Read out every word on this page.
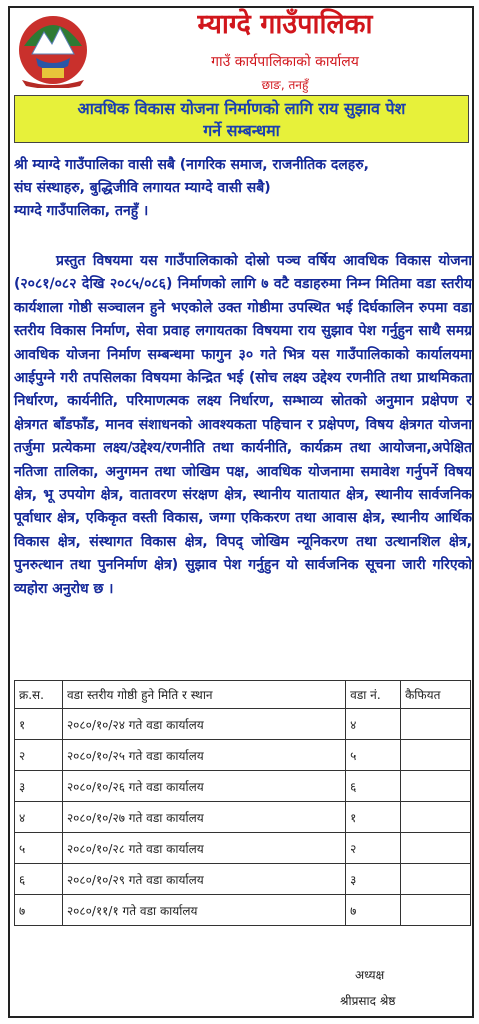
म्याग्दे गाउँपालिका
गाउँ कार्यपालिकाको कार्यालय
छाङ, तनहुँ
आवधिक विकास योजना निर्माणको लागि राय सुझाव पेश
गर्ने सम्बन्धमा
श्री म्याग्दे गाउँपालिका वासी सबै (नागरिक समाज, राजनीतिक दलहरु,
संघ संस्थाहरु, बुद्धिजीवि लगायत म्याग्दे वासी सबै)
म्याग्दे गाउँपालिका, तनहुँ ।
प्रस्तुत विषयमा यस गाउँपालिकाको दोस्रो पञ्च वर्षिय आवधिक विकास योजना (२०८१/०८२ देखि २०८५/०८६) निर्माणको लागि ७ वटै वडाहरुमा निम्न मितिमा वडा स्तरीय कार्यशाला गोष्ठी सञ्चालन हुने भएकोले उक्त गोष्ठीमा उपस्थित भई दिर्घकालिन रुपमा वडा स्तरीय विकास निर्माण, सेवा प्रवाह लगायतका विषयमा राय सुझाव पेश गर्नुहुन साथै समग्र आवधिक योजना निर्माण सम्बन्धमा फागुन ३० गते भित्र यस गाउँपालिकाको कार्यालयमा आईपुग्ने गरी तपसिलका विषयमा केन्द्रित भई (सोच लक्ष्य उद्देश्य रणनीति तथा प्राथमिकता निर्धारण, कार्यनीति, परिमाणत्मक लक्ष्य निर्धारण, सम्भाव्य स्रोतको अनुमान प्रक्षेपण र क्षेत्रगत बाँडफाँड, मानव संशाधनको आवश्यकता पहिचान र प्रक्षेपण, विषय क्षेत्रगत योजना तर्जुमा प्रत्येकमा लक्ष्य/उद्देश्य/रणनीति तथा कार्यनीति, कार्यक्रम तथा आयोजना,अपेक्षित नतिजा तालिका, अनुगमन तथा जोखिम पक्ष, आवधिक योजनामा समावेश गर्नुपर्ने विषय क्षेत्र, भू उपयोग क्षेत्र, वातावरण संरक्षण क्षेत्र, स्थानीय यातायात क्षेत्र, स्थानीय सार्वजनिक पूर्वाधार क्षेत्र, एकिकृत वस्ती विकास, जग्गा एकिकरण तथा आवास क्षेत्र, स्थानीय आर्थिक विकास क्षेत्र, संस्थागत विकास क्षेत्र, विपद् जोखिम न्यूनिकरण तथा उत्थानशिल क्षेत्र, पुनरुत्थान तथा पुननिर्माण क्षेत्र) सुझाव पेश गर्नुहुन यो सार्वजनिक सूचना जारी गरिएको व्यहोरा अनुरोध छ ।
क्र.स.	वडा स्तरीय गोष्ठी हुने मिति र स्थान	वडा नं.	कैफियत
१	२०८०/१०/२४ गते वडा कार्यालय	४	
२	२०८०/१०/२५ गते वडा कार्यालय	५	
३	२०८०/१०/२६ गते वडा कार्यालय	६	
४	२०८०/१०/२७ गते वडा कार्यालय	१	
५	२०८०/१०/२८ गते वडा कार्यालय	२	
६	२०८०/१०/२९ गते वडा कार्यालय	३	
७	२०८०/११/१ गते वडा कार्यालय	७	
अध्यक्ष
श्रीप्रसाद श्रेष्ठ
